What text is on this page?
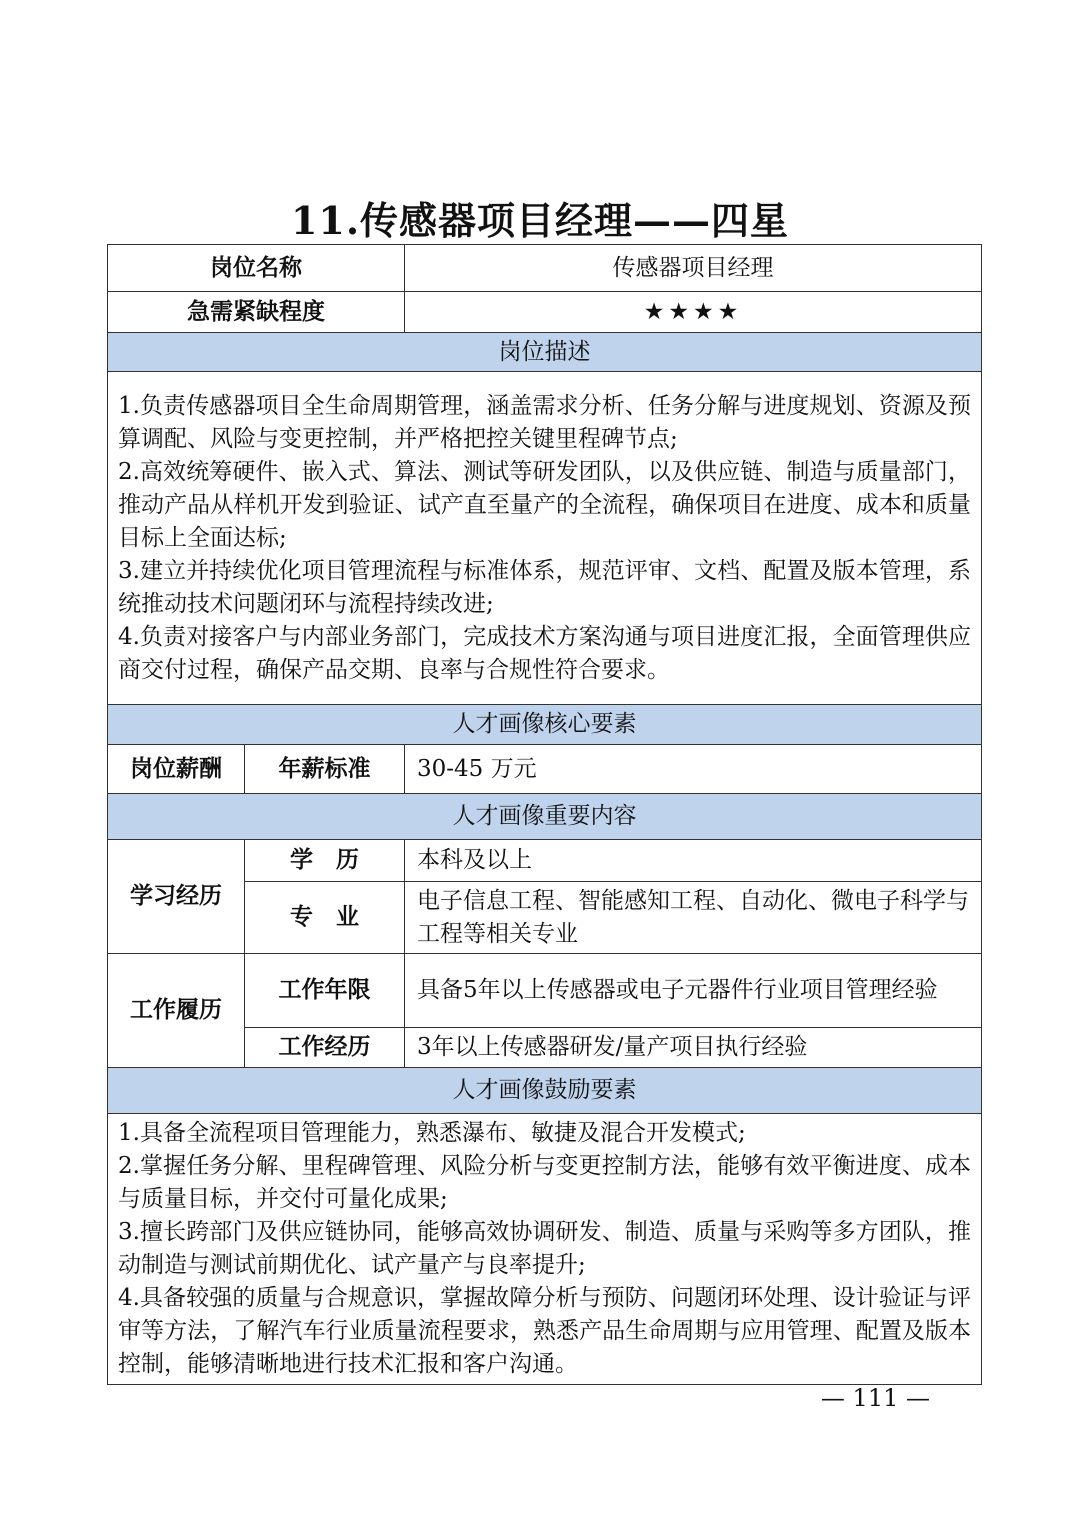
11.传感器项目经理——四星
岗位名称		传感器项目经理
急需紧缺程度		★★★★
岗位描述		

1.负责传感器项目全生命周期管理，涵盖需求分析、任务分解与进度规划、资源及预算调配、风险与变更控制，并严格把控关键里程碑节点;
2.高效统筹硬件、嵌入式、算法、测试等研发团队，以及供应链、制造与质量部门，推动产品从样机开发到验证、试产直至量产的全流程，确保项目在进度、成本和质量目标上全面达标;
3.建立并持续优化项目管理流程与标准体系，规范评审、文档、配置及版本管理，系统推动技术问题闭环与流程持续改进;
4.负责对接客户与内部业务部门，完成技术方案沟通与项目进度汇报，全面管理供应商交付过程，确保产品交期、良率与合规性符合要求。		

人才画像核心要素		
岗位薪酬	年薪标准	30-45 万元
人才画像重要内容		
学习经历	学　历	本科及以上
	专　业	电子信息工程、智能感知工程、自动化、微电子科学与工程等相关专业
工作履历	工作年限	具备5年以上传感器或电子元器件行业项目管理经验
	工作经历	3年以上传感器研发/量产项目执行经验
人才画像鼓励要素		

1.具备全流程项目管理能力，熟悉瀑布、敏捷及混合开发模式;
2.掌握任务分解、里程碑管理、风险分析与变更控制方法，能够有效平衡进度、成本与质量目标，并交付可量化成果;
3.擅长跨部门及供应链协同，能够高效协调研发、制造、质量与采购等多方团队，推动制造与测试前期优化、试产量产与良率提升;
4.具备较强的质量与合规意识，掌握故障分析与预防、问题闭环处理、设计验证与评审等方法，了解汽车行业质量流程要求，熟悉产品生命周期与应用管理、配置及版本控制，能够清晰地进行技术汇报和客户沟通。		
— 111 —
